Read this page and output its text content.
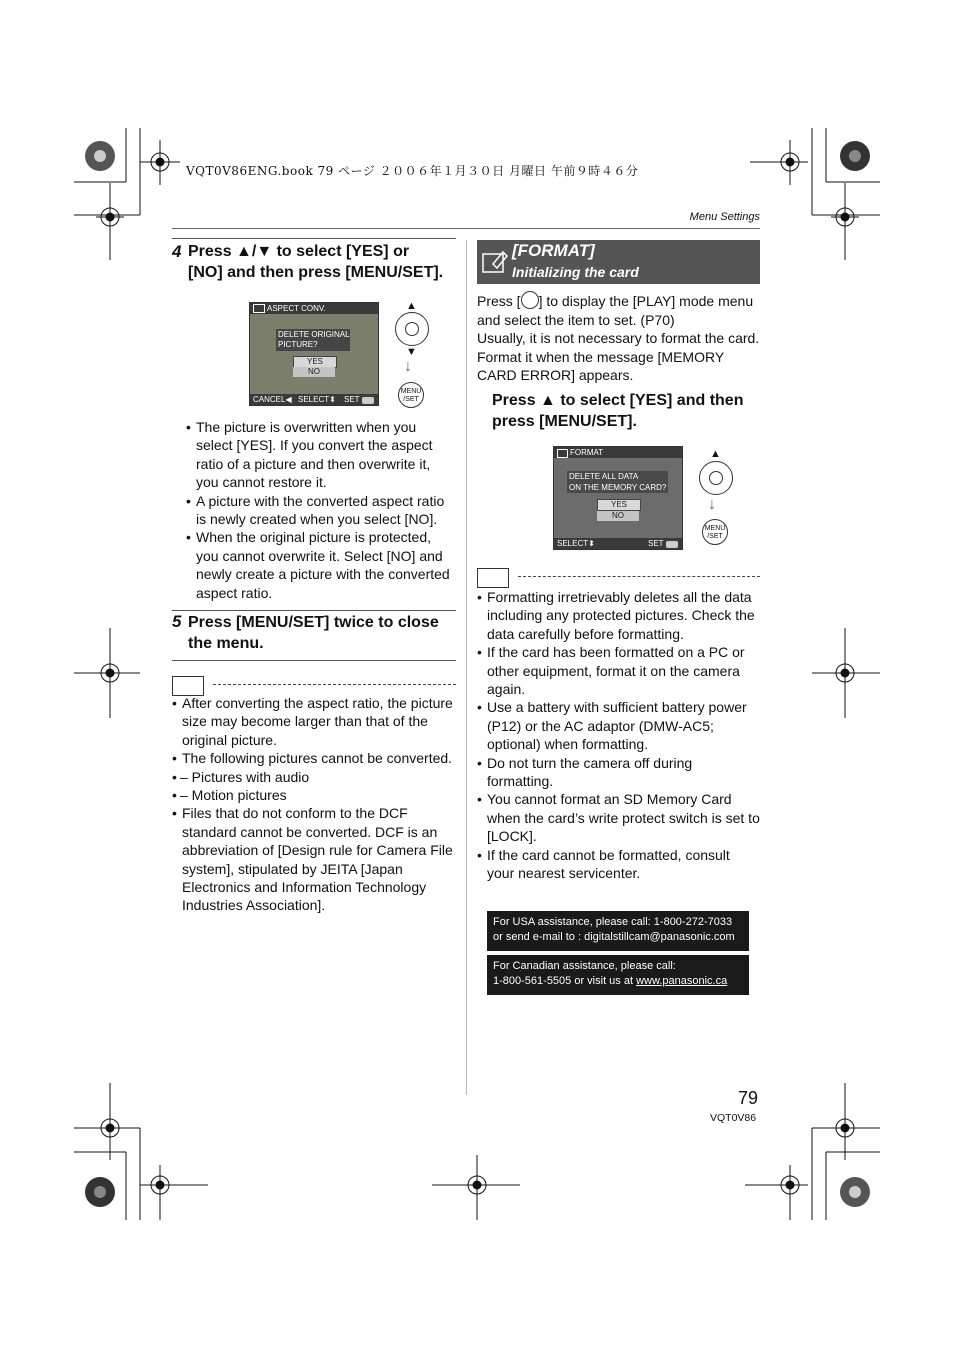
VQT0V86ENG.book 79 ページ ２００６年１月３０日 月曜日 午前９時４６分
Menu Settings
4 Press ▲/▼ to select [YES] or
[NO] and then press [MENU/SET].
ASPECT CONV.
DELETE ORIGINAL
PICTURE?
YES
NO
CANCEL◀ SELECT⬍ SET
▲
▼
↓
MENU
/SET
• The picture is overwritten when you select [YES]. If you convert the aspect ratio of a picture and then overwrite it, you cannot restore it.
• A picture with the converted aspect ratio is newly created when you select [NO].
• When the original picture is protected, you cannot overwrite it. Select [NO] and newly create a picture with the converted aspect ratio.
5 Press [MENU/SET] twice to close
the menu.
• After converting the aspect ratio, the picture size may become larger than that of the original picture.
• The following pictures cannot be converted.
• – Pictures with audio
• – Motion pictures
• Files that do not conform to the DCF standard cannot be converted. DCF is an abbreviation of [Design rule for Camera File system], stipulated by JEITA [Japan Electronics and Information Technology Industries Association].
[FORMAT]
Initializing the card
Press [ ] to display the [PLAY] mode menu and select the item to set. (P70)
Usually, it is not necessary to format the card. Format it when the message [MEMORY CARD ERROR] appears.
Press ▲ to select [YES] and then
press [MENU/SET].
FORMAT
DELETE ALL DATA
ON THE MEMORY CARD?
YES
NO
SELECT⬍	SET
▲
↓
MENU
/SET
• Formatting irretrievably deletes all the data including any protected pictures. Check the data carefully before formatting.
• If the card has been formatted on a PC or other equipment, format it on the camera again.
• Use a battery with sufficient battery power (P12) or the AC adaptor (DMW-AC5; optional) when formatting.
• Do not turn the camera off during formatting.
• You cannot format an SD Memory Card when the card’s write protect switch is set to [LOCK].
• If the card cannot be formatted, consult your nearest servicenter.
For USA assistance, please call: 1-800-272-7033
or send e-mail to : digitalstillcam@panasonic.com
For Canadian assistance, please call:
1-800-561-5505 or visit us at www.panasonic.ca
79
VQT0V86
